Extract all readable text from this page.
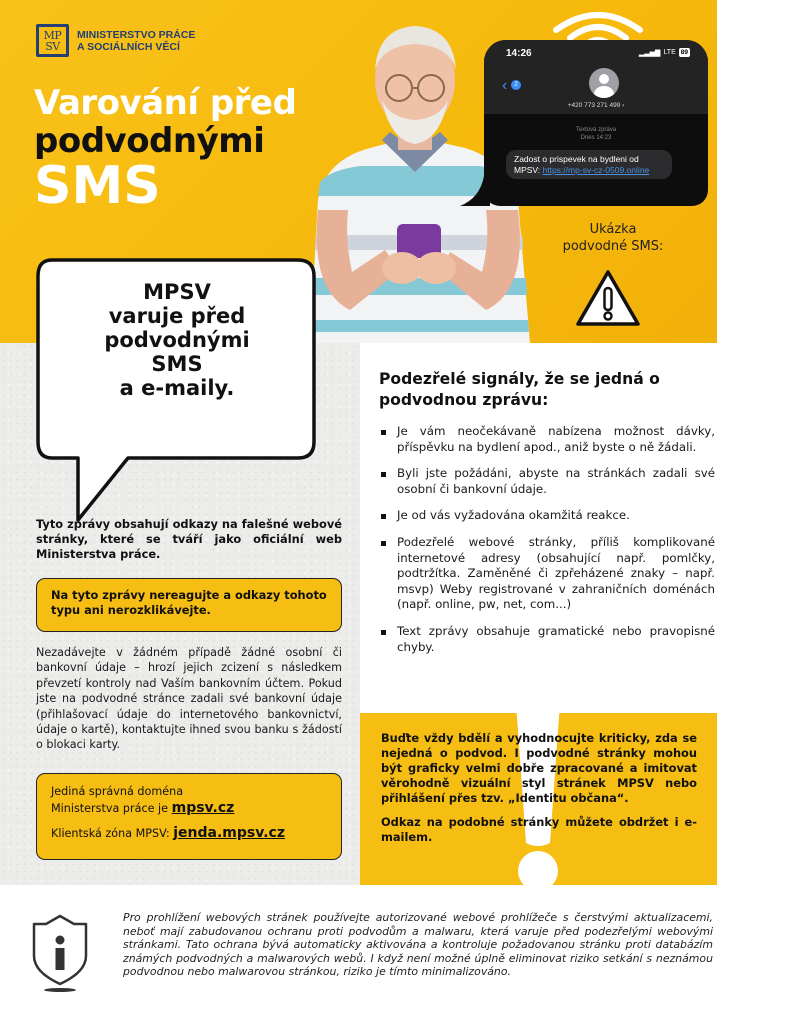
MP
SV
MINISTERSTVO PRÁCE
A SOCIÁLNÍCH VĚCÍ
Varování před
podvodnými
SMS
14:26	▂▃▅▇ LTE 89
‹	2
+420 773 271 499 ›
Textová zpráva
Dnes 14:23
Zadost o prispevek na bydleni od MPSV: https://mp-sv-cz-0509.online
Ukázka
podvodné SMS:
MPSV
varuje před
podvodnými
SMS
a e-maily.
Tyto zprávy obsahují odkazy na falešné webové stránky, které se tváří jako oficiální web Ministerstva práce.
Na tyto zprávy nereagujte a odkazy tohoto typu ani nerozklikávejte.
Nezadávejte v žádném případě žádné osobní či bankovní údaje – hrozí jejich zcizení s následkem převzetí kontroly nad Vaším bankovním účtem. Pokud jste na podvodné stránce zadali své bankovní údaje (přihlašovací údaje do internetového bankovnictví, údaje o kartě), kontaktujte ihned svou banku s žádostí o blokaci karty.
Jediná správná doména
Ministerstva práce je mpsv.cz
Klientská zóna MPSV: jenda.mpsv.cz
Podezřelé signály, že se jedná o podvodnou zprávu:
Je vám neočekávaně nabízena možnost dávky, příspěvku na bydlení apod., aniž byste o ně žádali.
Byli jste požádáni, abyste na stránkách zadali své osobní či bankovní údaje.
Je od vás vyžadována okamžitá reakce.
Podezřelé webové stránky, příliš komplikované internetové adresy (obsahující např. pomlčky, podtržítka. Zaměněné či zpřeházené znaky – např. msvp) Weby registrované v zahraničních doménách (např. online, pw, net, com...)
Text zprávy obsahuje gramatické nebo pravopisné chyby.

Buďte vždy bdělí a vyhodnocujte kriticky, zda se nejedná o podvod. I podvodné stránky mohou být graficky velmi dobře zpracované a imitovat věrohodně vizuální styl stránek MPSV nebo přihlášení přes tzv. „Identitu občana“.

Odkaz na podobné stránky můžete obdržet i e-mailem.

Pro prohlížení webových stránek používejte autorizované webové prohlížeče s čerstvými aktualizacemi, neboť mají zabudovanou ochranu proti podvodům a malwaru, která varuje před podezřelými webovými stránkami. Tato ochrana bývá automaticky aktivována a kontroluje požadovanou stránku proti databázím známých podvodných a malwarových webů. I když není možné úplně eliminovat riziko setkání s neznámou podvodnou nebo malwarovou stránkou, riziko je tímto minimalizováno.
